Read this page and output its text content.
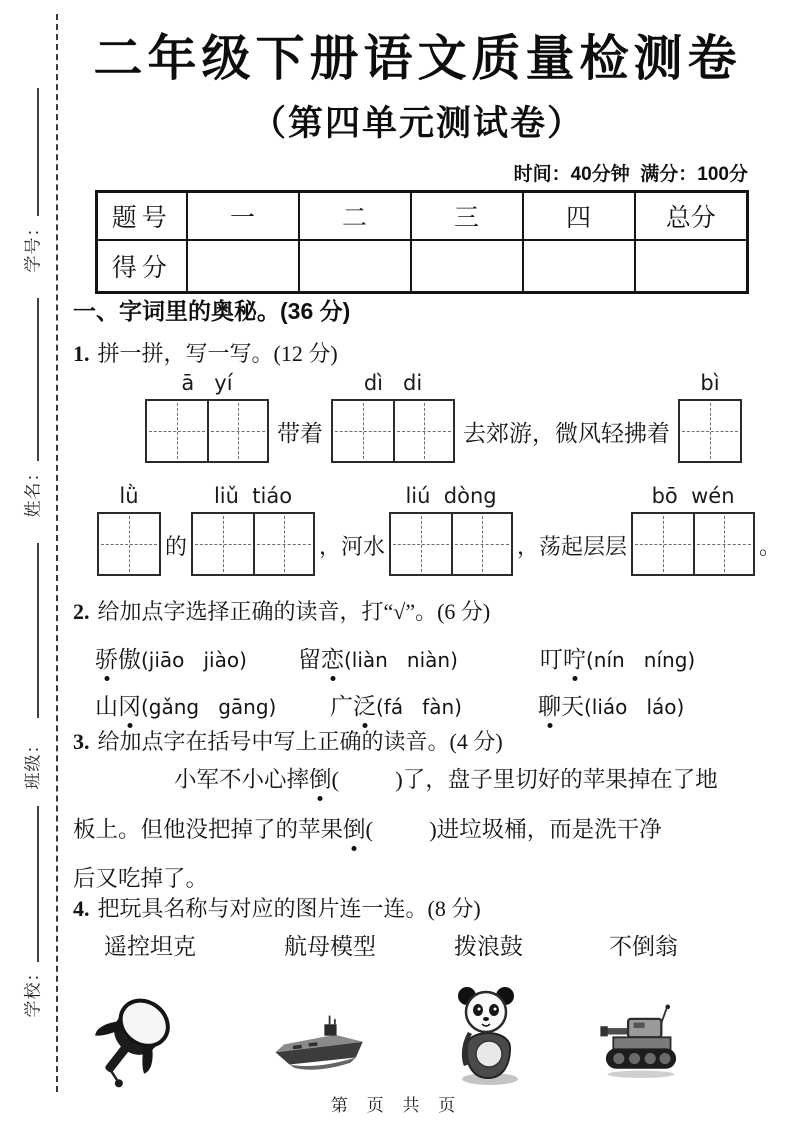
学号：
姓名：
班级：
学校：
二年级下册语文质量检测卷
（第四单元测试卷）
时间：40分钟  满分：100分
题号	一	二	三	四	总分
得分					
一、字词里的奥秘。(36 分)
1. 拼一拼，写一写。(12 分)
ā   yí
带着
dì   di
去郊游，微风轻拂着
bì
lǜ
的
liǔ  tiáo
，河水
liú  dòng
，荡起层层
bō  wén
。
2. 给加点字选择正确的读音，打“√”。(6 分)
骄傲(jiāo   jiào) 留恋(liàn   niàn)	叮咛(nín   níng)
山冈(gǎng   gāng) 广泛(fá   fàn)	聊天(liáo   láo)
3. 给加点字在括号中写上正确的读音。(4 分)
小军不小心摔倒(          )了，盘子里切好的苹果掉在了地
板上。但他没把掉了的苹果倒(          )进垃圾桶，而是洗干净
后又吃掉了。
4. 把玩具名称与对应的图片连一连。(8 分)
遥控坦克	航母模型	拨浪鼓	不倒翁
第 页 共 页
